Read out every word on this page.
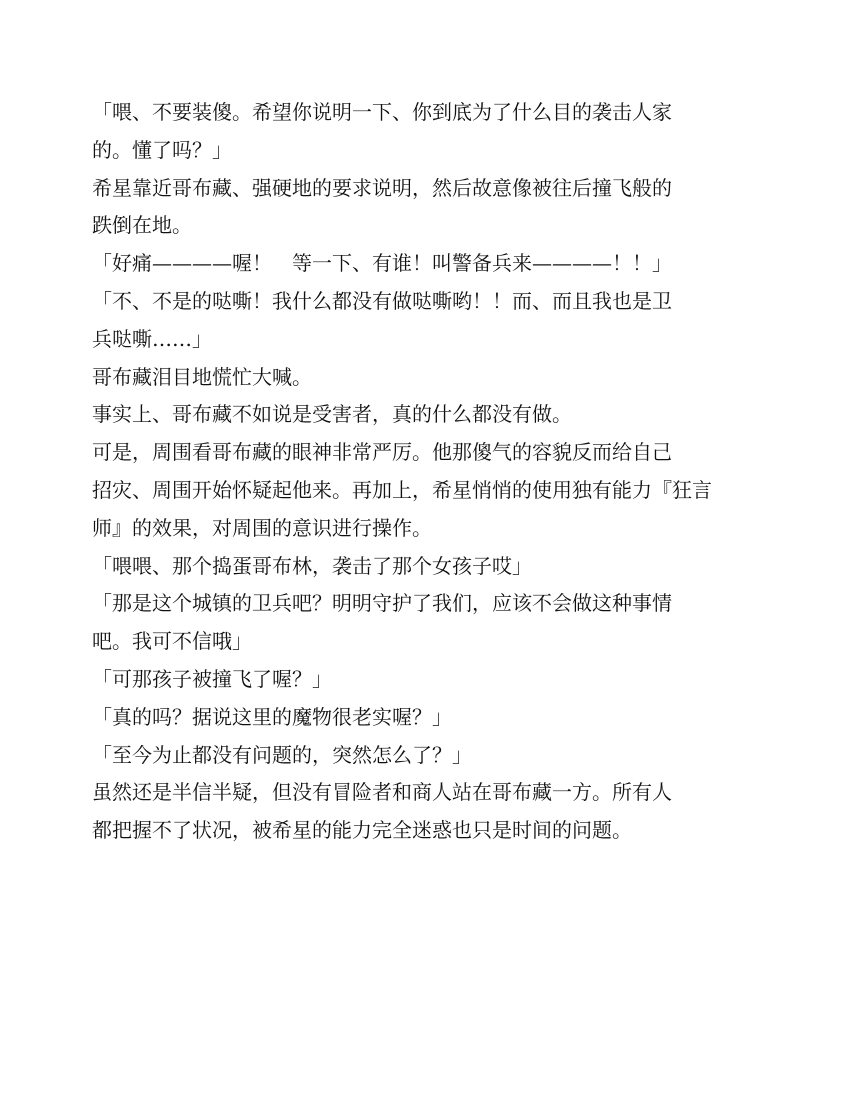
「喂、不要装傻。希望你说明一下、你到底为了什么目的袭击人家
的。懂了吗？」
希星靠近哥布藏、强硬地的要求说明，然后故意像被往后撞飞般的
跌倒在地。
「好痛————喔！　等一下、有谁！叫警备兵来————！！」
「不、不是的哒嘶！我什么都没有做哒嘶哟！！而、而且我也是卫
兵哒嘶……」
哥布藏泪目地慌忙大喊。
事实上、哥布藏不如说是受害者，真的什么都没有做。
可是，周围看哥布藏的眼神非常严厉。他那傻气的容貌反而给自己
招灾、周围开始怀疑起他来。再加上，希星悄悄的使用独有能力『狂言
师』的效果，对周围的意识进行操作。
「喂喂、那个捣蛋哥布林，袭击了那个女孩子哎」
「那是这个城镇的卫兵吧？明明守护了我们，应该不会做这种事情
吧。我可不信哦」
「可那孩子被撞飞了喔？」
「真的吗？据说这里的魔物很老实喔？」
「至今为止都没有问题的，突然怎么了？」
虽然还是半信半疑，但没有冒险者和商人站在哥布藏一方。所有人
都把握不了状况，被希星的能力完全迷惑也只是时间的问题。
